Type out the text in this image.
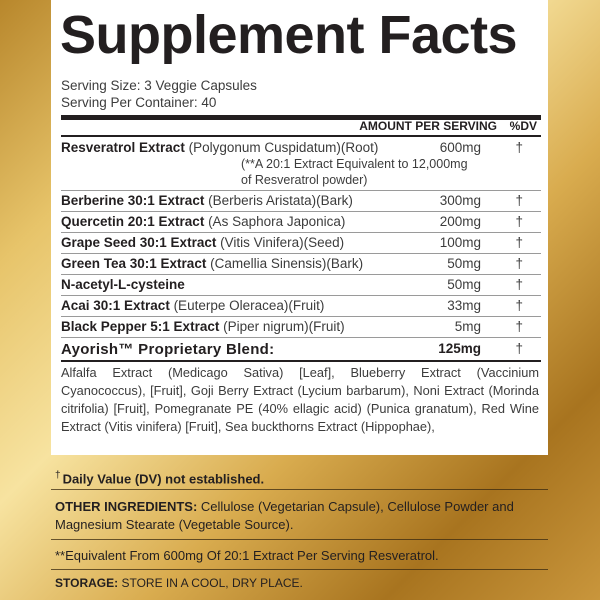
Supplement Facts
Serving Size: 3 Veggie Capsules
Serving Per Container: 40
AMOUNT PER SERVING %DV
Resveratrol Extract (Polygonum Cuspidatum)(Root)	600mg	†
(**A 20:1 Extract Equivalent to 12,000mg of Resveratrol powder)
Berberine 30:1 Extract (Berberis Aristata)(Bark)	300mg	†
Quercetin 20:1 Extract (As Saphora Japonica)	200mg	†
Grape Seed 30:1 Extract (Vitis Vinifera)(Seed)	100mg	†
Green Tea 30:1 Extract (Camellia Sinensis)(Bark)	50mg	†
N-acetyl-L-cysteine	50mg	†
Acai 30:1 Extract (Euterpe Oleracea)(Fruit)	33mg	†
Black Pepper 5:1 Extract (Piper nigrum)(Fruit)	5mg	†
Ayorish™ Proprietary Blend:	125mg	†
Alfalfa Extract (Medicago Sativa) [Leaf], Blueberry Extract (Vaccinium Cyanococcus), [Fruit], Goji Berry Extract (Lycium barbarum), Noni Extract (Morinda citrifolia) [Fruit], Pomegranate PE (40% ellagic acid) (Punica granatum), Red Wine Extract (Vitis vinifera) [Fruit], Sea buckthorns Extract (Hippophae),
† Daily Value (DV) not established.
OTHER INGREDIENTS: Cellulose (Vegetarian Capsule), Cellulose Powder and Magnesium Stearate (Vegetable Source).
**Equivalent From 600mg Of 20:1 Extract Per Serving Resveratrol.
STORAGE: STORE IN A COOL, DRY PLACE.
